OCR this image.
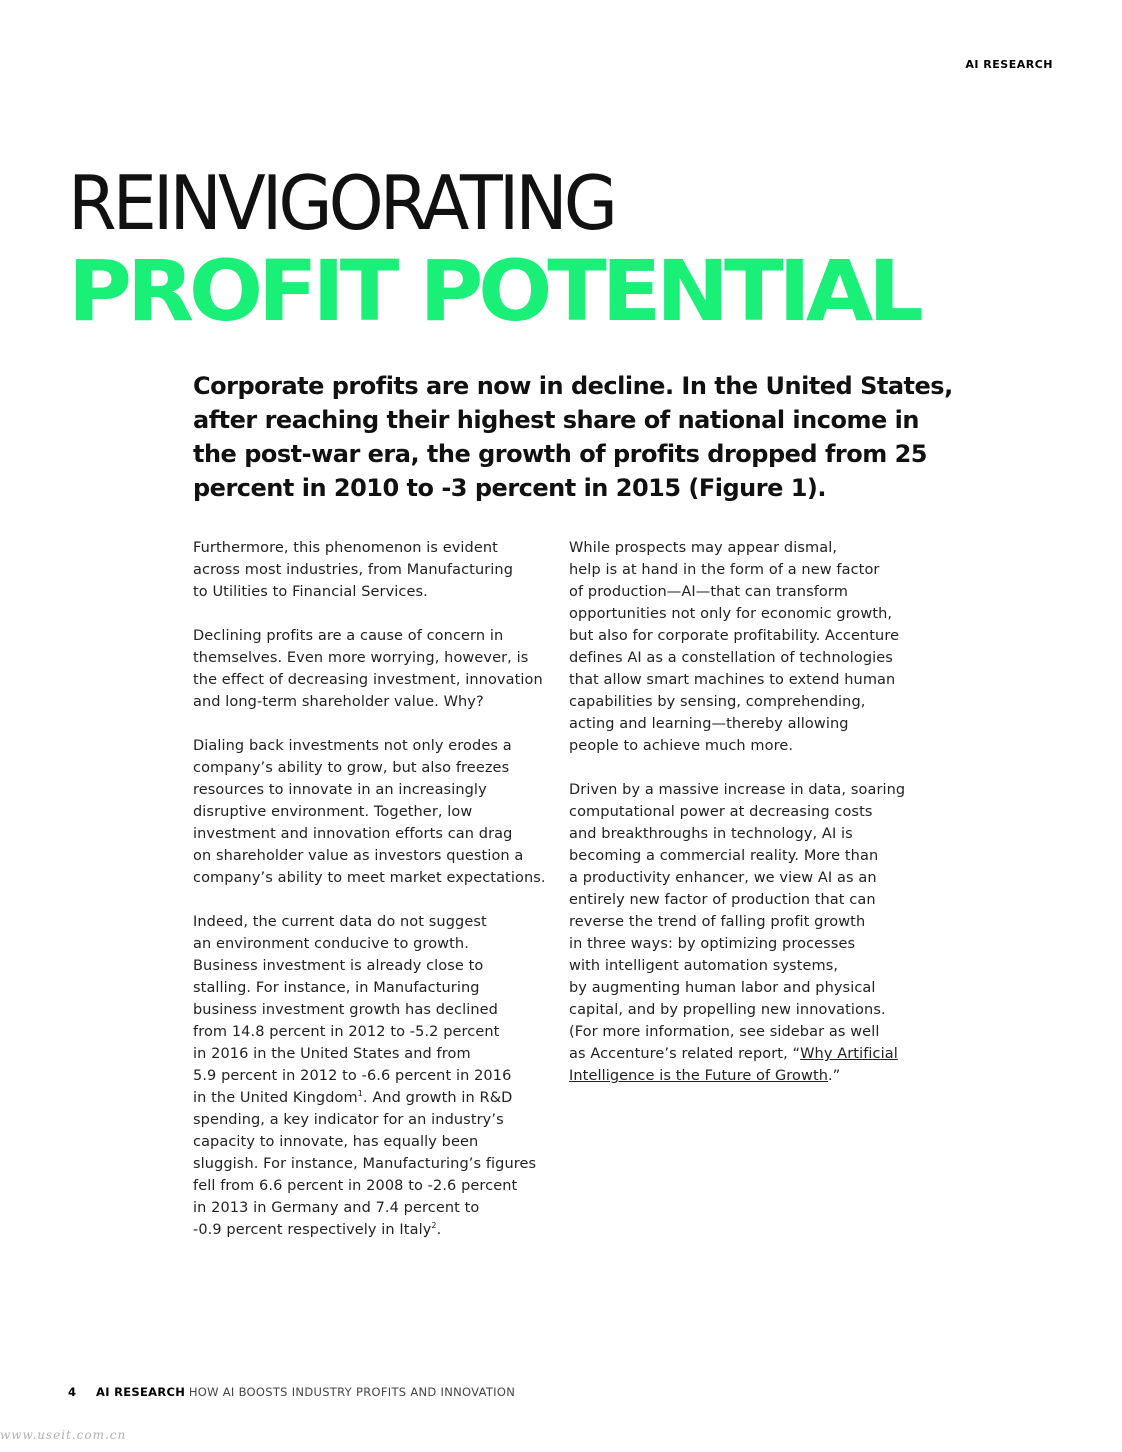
AI RESEARCH
REINVIGORATING
PROFIT POTENTIAL

Corporate profits are now in decline. In the United States, after reaching their highest share of national income in the post-war era, the growth of profits dropped from 25 percent in 2010 to -3 percent in 2015 (Figure 1).

Furthermore, this phenomenon is evident
across most industries, from Manufacturing
to Utilities to Financial Services.

Declining profits are a cause of concern in
themselves. Even more worrying, however, is
the effect of decreasing investment, innovation
and long-term shareholder value. Why?

Dialing back investments not only erodes a
company’s ability to grow, but also freezes
resources to innovate in an increasingly
disruptive environment. Together, low
investment and innovation efforts can drag
on shareholder value as investors question a
company’s ability to meet market expectations.

Indeed, the current data do not suggest
an environment conducive to growth.
Business investment is already close to
stalling. For instance, in Manufacturing
business investment growth has declined
from 14.8 percent in 2012 to -5.2 percent
in 2016 in the United States and from
5.9 percent in 2012 to -6.6 percent in 2016
in the United Kingdom$^1$. And growth in R&D
spending, a key indicator for an industry’s
capacity to innovate, has equally been
sluggish. For instance, Manufacturing’s figures
fell from 6.6 percent in 2008 to -2.6 percent
in 2013 in Germany and 7.4 percent to
-0.9 percent respectively in Italy$^2$.

While prospects may appear dismal,
help is at hand in the form of a new factor
of production—AI—that can transform
opportunities not only for economic growth,
but also for corporate profitability. Accenture
defines AI as a constellation of technologies
that allow smart machines to extend human
capabilities by sensing, comprehending,
acting and learning—thereby allowing
people to achieve much more.

Driven by a massive increase in data, soaring
computational power at decreasing costs
and breakthroughs in technology, AI is
becoming a commercial reality. More than
a productivity enhancer, we view AI as an
entirely new factor of production that can
reverse the trend of falling profit growth
in three ways: by optimizing processes
with intelligent automation systems,
by augmenting human labor and physical
capital, and by propelling new innovations.
(For more information, see sidebar as well
as Accenture’s related report, “Why Artificial
Intelligence is the Future of Growth.”

4 AI RESEARCH HOW AI BOOSTS INDUSTRY PROFITS AND INNOVATION
www.useit.com.cn
